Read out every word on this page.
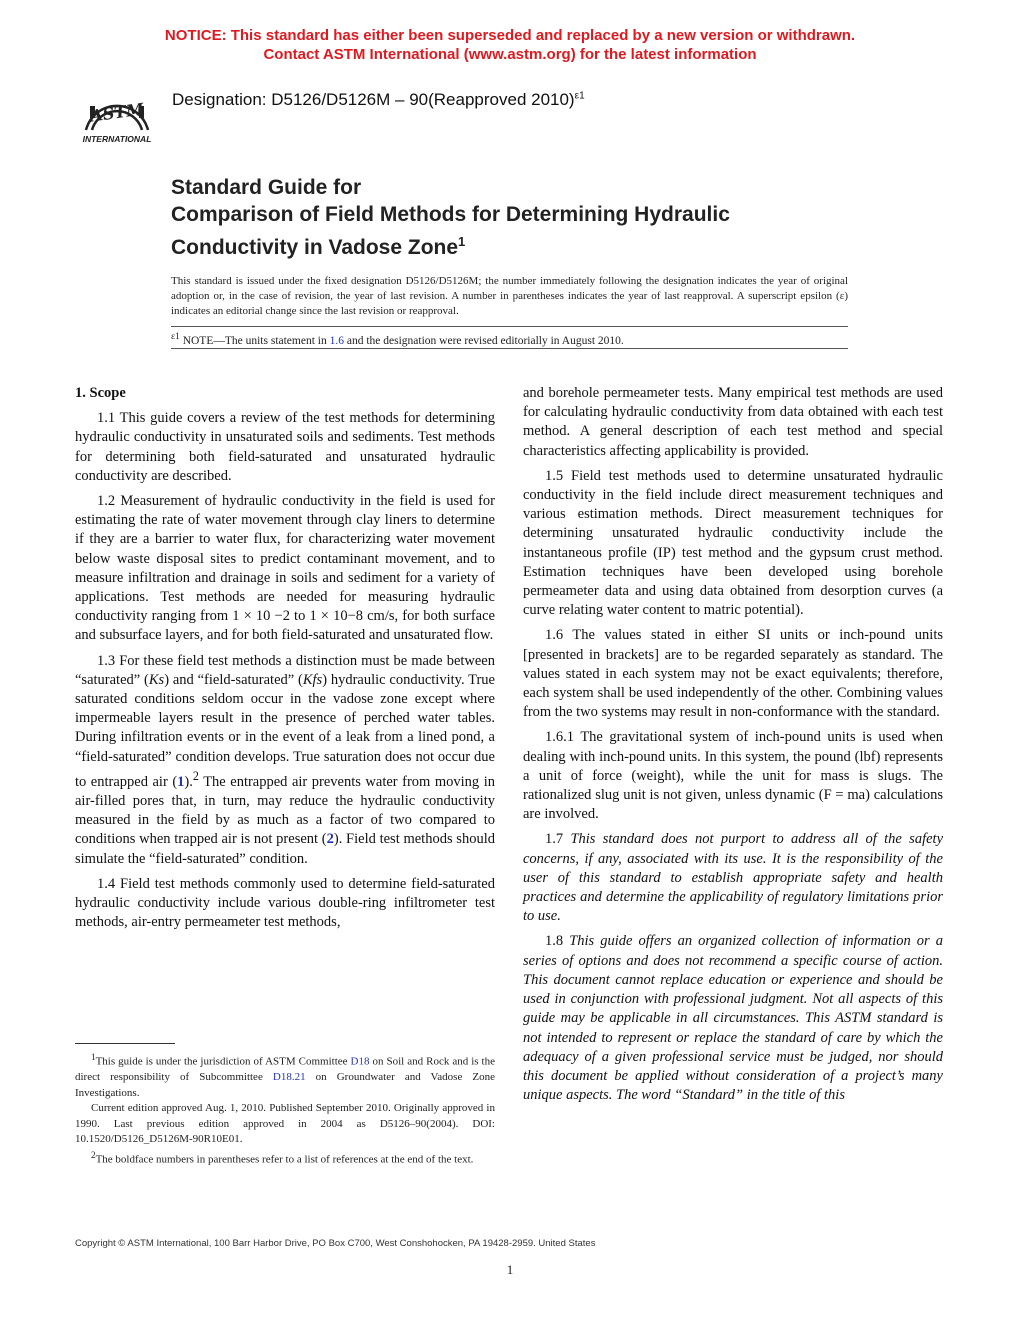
NOTICE: This standard has either been superseded and replaced by a new version or withdrawn.
Contact ASTM International (www.astm.org) for the latest information
ASTM
INTERNATIONAL
Designation: D5126/D5126M – 90(Reapproved 2010)$^{\varepsilon 1}$
Standard Guide for
Comparison of Field Methods for Determining Hydraulic
Conductivity in Vadose Zone$^1$
This standard is issued under the fixed designation D5126/D5126M; the number immediately following the designation indicates the year of original adoption or, in the case of revision, the year of last revision. A number in parentheses indicates the year of last reapproval. A superscript epsilon (ε) indicates an editorial change since the last revision or reapproval.
$^{\varepsilon 1}$ NOTE—The units statement in 1.6 and the designation were revised editorially in August 2010.
1. Scope

1.1 This guide covers a review of the test methods for determining hydraulic conductivity in unsaturated soils and sediments. Test methods for determining both field-saturated and unsaturated hydraulic conductivity are described.

1.2 Measurement of hydraulic conductivity in the field is used for estimating the rate of water movement through clay liners to determine if they are a barrier to water flux, for characterizing water movement below waste disposal sites to predict contaminant movement, and to measure infiltration and drainage in soils and sediment for a variety of applications. Test methods are needed for measuring hydraulic conductivity ranging from 1 × 10 −2 to 1 × 10−8 cm/s, for both surface and subsurface layers, and for both field-saturated and unsaturated flow.

1.3 For these field test methods a distinction must be made between “saturated” (Ks) and “field-saturated” (Kfs) hydraulic conductivity. True saturated conditions seldom occur in the vadose zone except where impermeable layers result in the presence of perched water tables. During infiltration events or in the event of a leak from a lined pond, a “field-saturated” condition develops. True saturation does not occur due to entrapped air (1).$^2$ The entrapped air prevents water from moving in air-filled pores that, in turn, may reduce the hydraulic conductivity measured in the field by as much as a factor of two compared to conditions when trapped air is not present (2). Field test methods should simulate the “field-saturated” condition.

1.4 Field test methods commonly used to determine field-saturated hydraulic conductivity include various double-ring infiltrometer test methods, air-entry permeameter test methods,

and borehole permeameter tests. Many empirical test methods are used for calculating hydraulic conductivity from data obtained with each test method. A general description of each test method and special characteristics affecting applicability is provided.

1.5 Field test methods used to determine unsaturated hydraulic conductivity in the field include direct measurement techniques and various estimation methods. Direct measurement techniques for determining unsaturated hydraulic conductivity include the instantaneous profile (IP) test method and the gypsum crust method. Estimation techniques have been developed using borehole permeameter data and using data obtained from desorption curves (a curve relating water content to matric potential).

1.6 The values stated in either SI units or inch-pound units [presented in brackets] are to be regarded separately as standard. The values stated in each system may not be exact equivalents; therefore, each system shall be used independently of the other. Combining values from the two systems may result in non-conformance with the standard.

1.6.1 The gravitational system of inch-pound units is used when dealing with inch-pound units. In this system, the pound (lbf) represents a unit of force (weight), while the unit for mass is slugs. The rationalized slug unit is not given, unless dynamic (F = ma) calculations are involved.

1.7 This standard does not purport to address all of the safety concerns, if any, associated with its use. It is the responsibility of the user of this standard to establish appropriate safety and health practices and determine the applicability of regulatory limitations prior to use.

1.8 This guide offers an organized collection of information or a series of options and does not recommend a specific course of action. This document cannot replace education or experience and should be used in conjunction with professional judgment. Not all aspects of this guide may be applicable in all circumstances. This ASTM standard is not intended to represent or replace the standard of care by which the adequacy of a given professional service must be judged, nor should this document be applied without consideration of a project’s many unique aspects. The word “Standard” in the title of this

$^1$This guide is under the jurisdiction of ASTM Committee D18 on Soil and Rock and is the direct responsibility of Subcommittee D18.21 on Groundwater and Vadose Zone Investigations.

Current edition approved Aug. 1, 2010. Published September 2010. Originally approved in 1990. Last previous edition approved in 2004 as D5126–90(2004). DOI: 10.1520/D5126_D5126M-90R10E01.

$^2$The boldface numbers in parentheses refer to a list of references at the end of the text.

Copyright © ASTM International, 100 Barr Harbor Drive, PO Box C700, West Conshohocken, PA 19428-2959. United States
1
